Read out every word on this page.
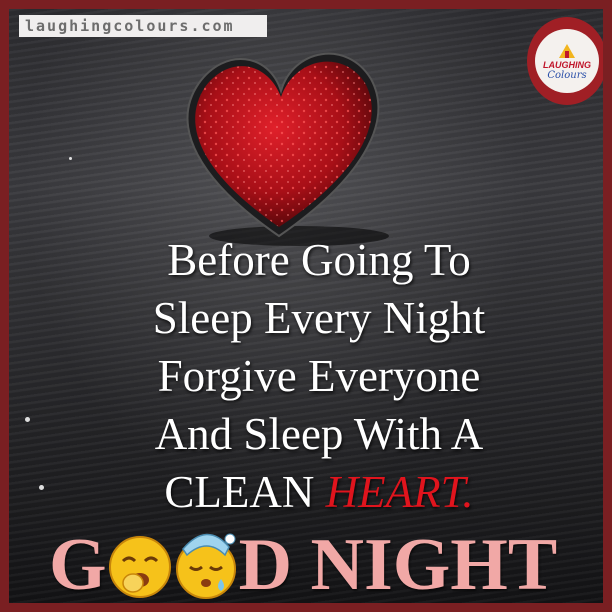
laughingcolours.com
LAUGHING
Colours
Before Going To
Sleep Every Night
Forgive Everyone
And Sleep With A
CLEAN HEART.
G D NIGHT
